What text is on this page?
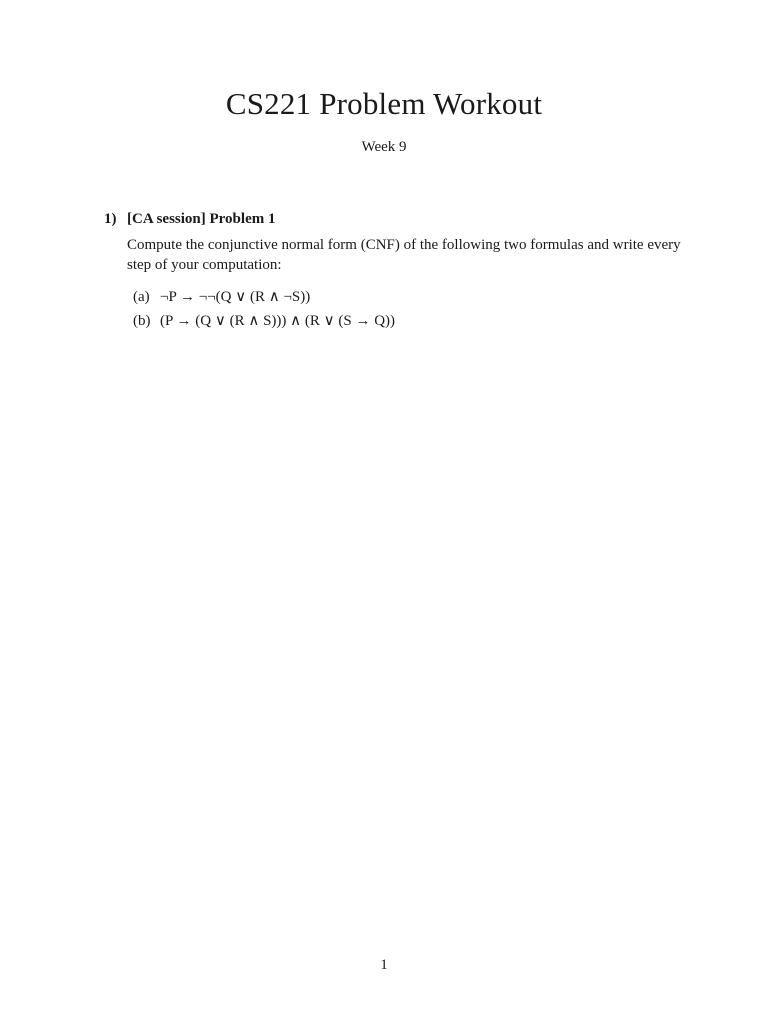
CS221 Problem Workout
Week 9
1) [CA session] Problem 1
Compute the conjunctive normal form (CNF) of the following two formulas and write every step of your computation:
(a) ¬P → ¬¬(Q ∨ (R ∧ ¬S))
(b) (P → (Q ∨ (R ∧ S))) ∧ (R ∨ (S → Q))
1
